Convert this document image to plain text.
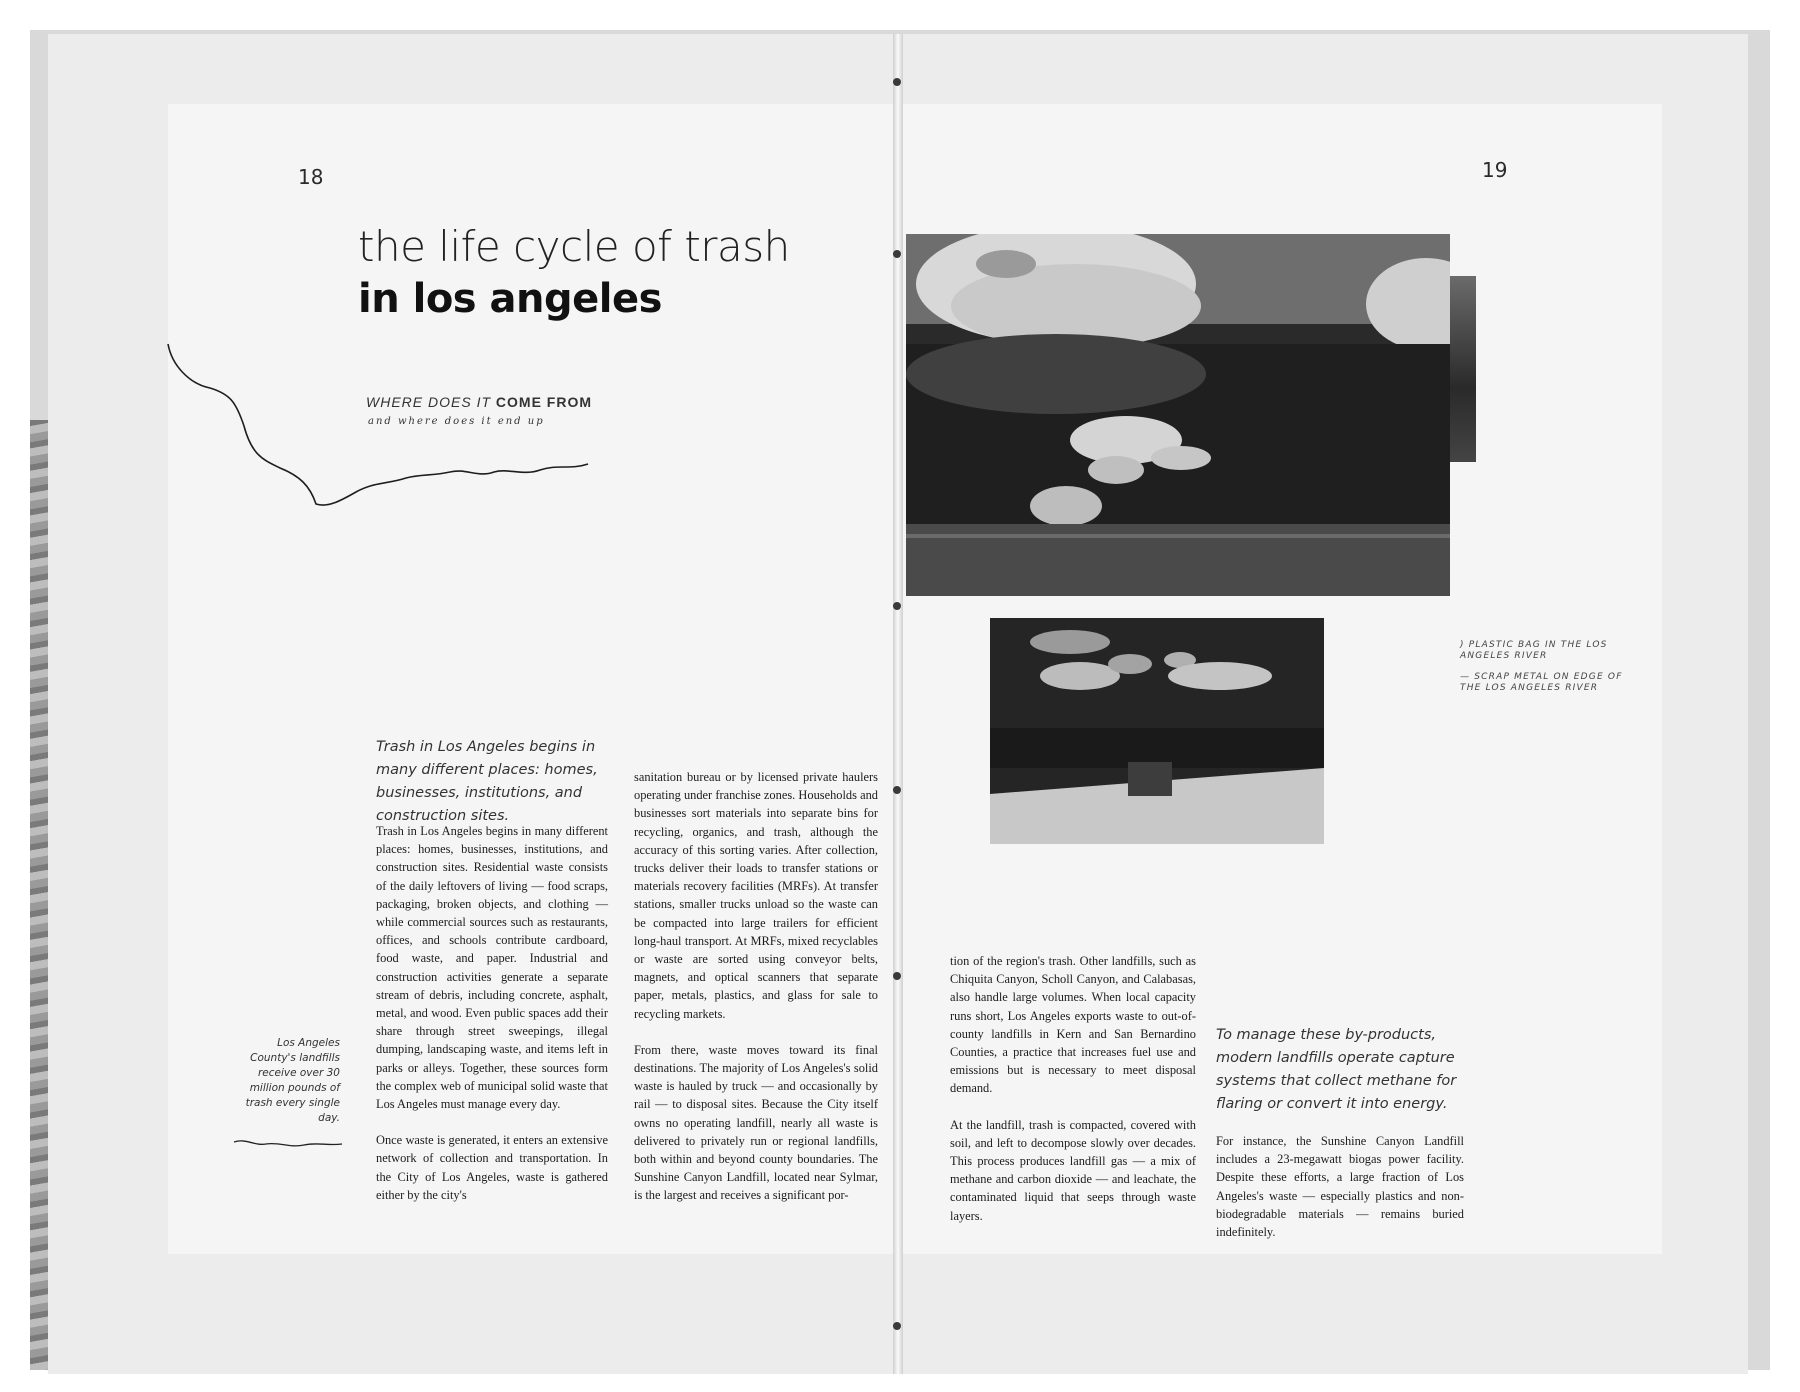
18
the life cycle of trash
in los angeles
WHERE DOES IT COME FROM
and where does it end up
Trash in Los Angeles begins in many different places: homes, businesses, institutions, and construction sites.
Los Angeles County's landfills receive over 30 million pounds of trash every single day.

Trash in Los Angeles begins in many different places: homes, businesses, institutions, and construction sites. Residential waste consists of the daily leftovers of living — food scraps, packaging, broken objects, and clothing — while commercial sources such as restaurants, offices, and schools contribute cardboard, food waste, and paper. Industrial and construction activities generate a separate stream of debris, including concrete, asphalt, metal, and wood. Even public spaces add their share through street sweepings, illegal dumping, landscaping waste, and items left in parks or alleys. Together, these sources form the complex web of municipal solid waste that Los Angeles must manage every day.

Once waste is generated, it enters an extensive network of collection and transportation. In the City of Los Angeles, waste is gathered either by the city's

sanitation bureau or by licensed private haulers operating under franchise zones. Households and businesses sort materials into separate bins for recycling, organics, and trash, although the accuracy of this sorting varies. After collection, trucks deliver their loads to transfer stations or materials recovery facilities (MRFs). At transfer stations, smaller trucks unload so the waste can be compacted into large trailers for efficient long-haul transport. At MRFs, mixed recyclables or waste are sorted using conveyor belts, magnets, and optical scanners that separate paper, metals, plastics, and glass for sale to recycling markets.

From there, waste moves toward its final destinations. The majority of Los Angeles's solid waste is hauled by truck — and occasionally by rail — to disposal sites. Because the City itself owns no operating landfill, nearly all waste is delivered to privately run or regional landfills, both within and beyond county boundaries. The Sunshine Canyon Landfill, located near Sylmar, is the largest and receives a significant por-

19
) PLASTIC BAG IN THE LOS ANGELES RIVER
— SCRAP METAL ON EDGE OF THE LOS ANGELES RIVER

tion of the region's trash. Other landfills, such as Chiquita Canyon, Scholl Canyon, and Calabasas, also handle large volumes. When local capacity runs short, Los Angeles exports waste to out-of-county landfills in Kern and San Bernardino Counties, a practice that increases fuel use and emissions but is necessary to meet disposal demand.

At the landfill, trash is compacted, covered with soil, and left to decompose slowly over decades. This process produces landfill gas — a mix of methane and carbon dioxide — and leachate, the contaminated liquid that seeps through waste layers.

To manage these by-products, modern landfills operate capture systems that collect methane for flaring or convert it into energy.

For instance, the Sunshine Canyon Landfill includes a 23-megawatt biogas power facility. Despite these efforts, a large fraction of Los Angeles's waste — especially plastics and non-biodegradable materials — remains buried indefinitely.
